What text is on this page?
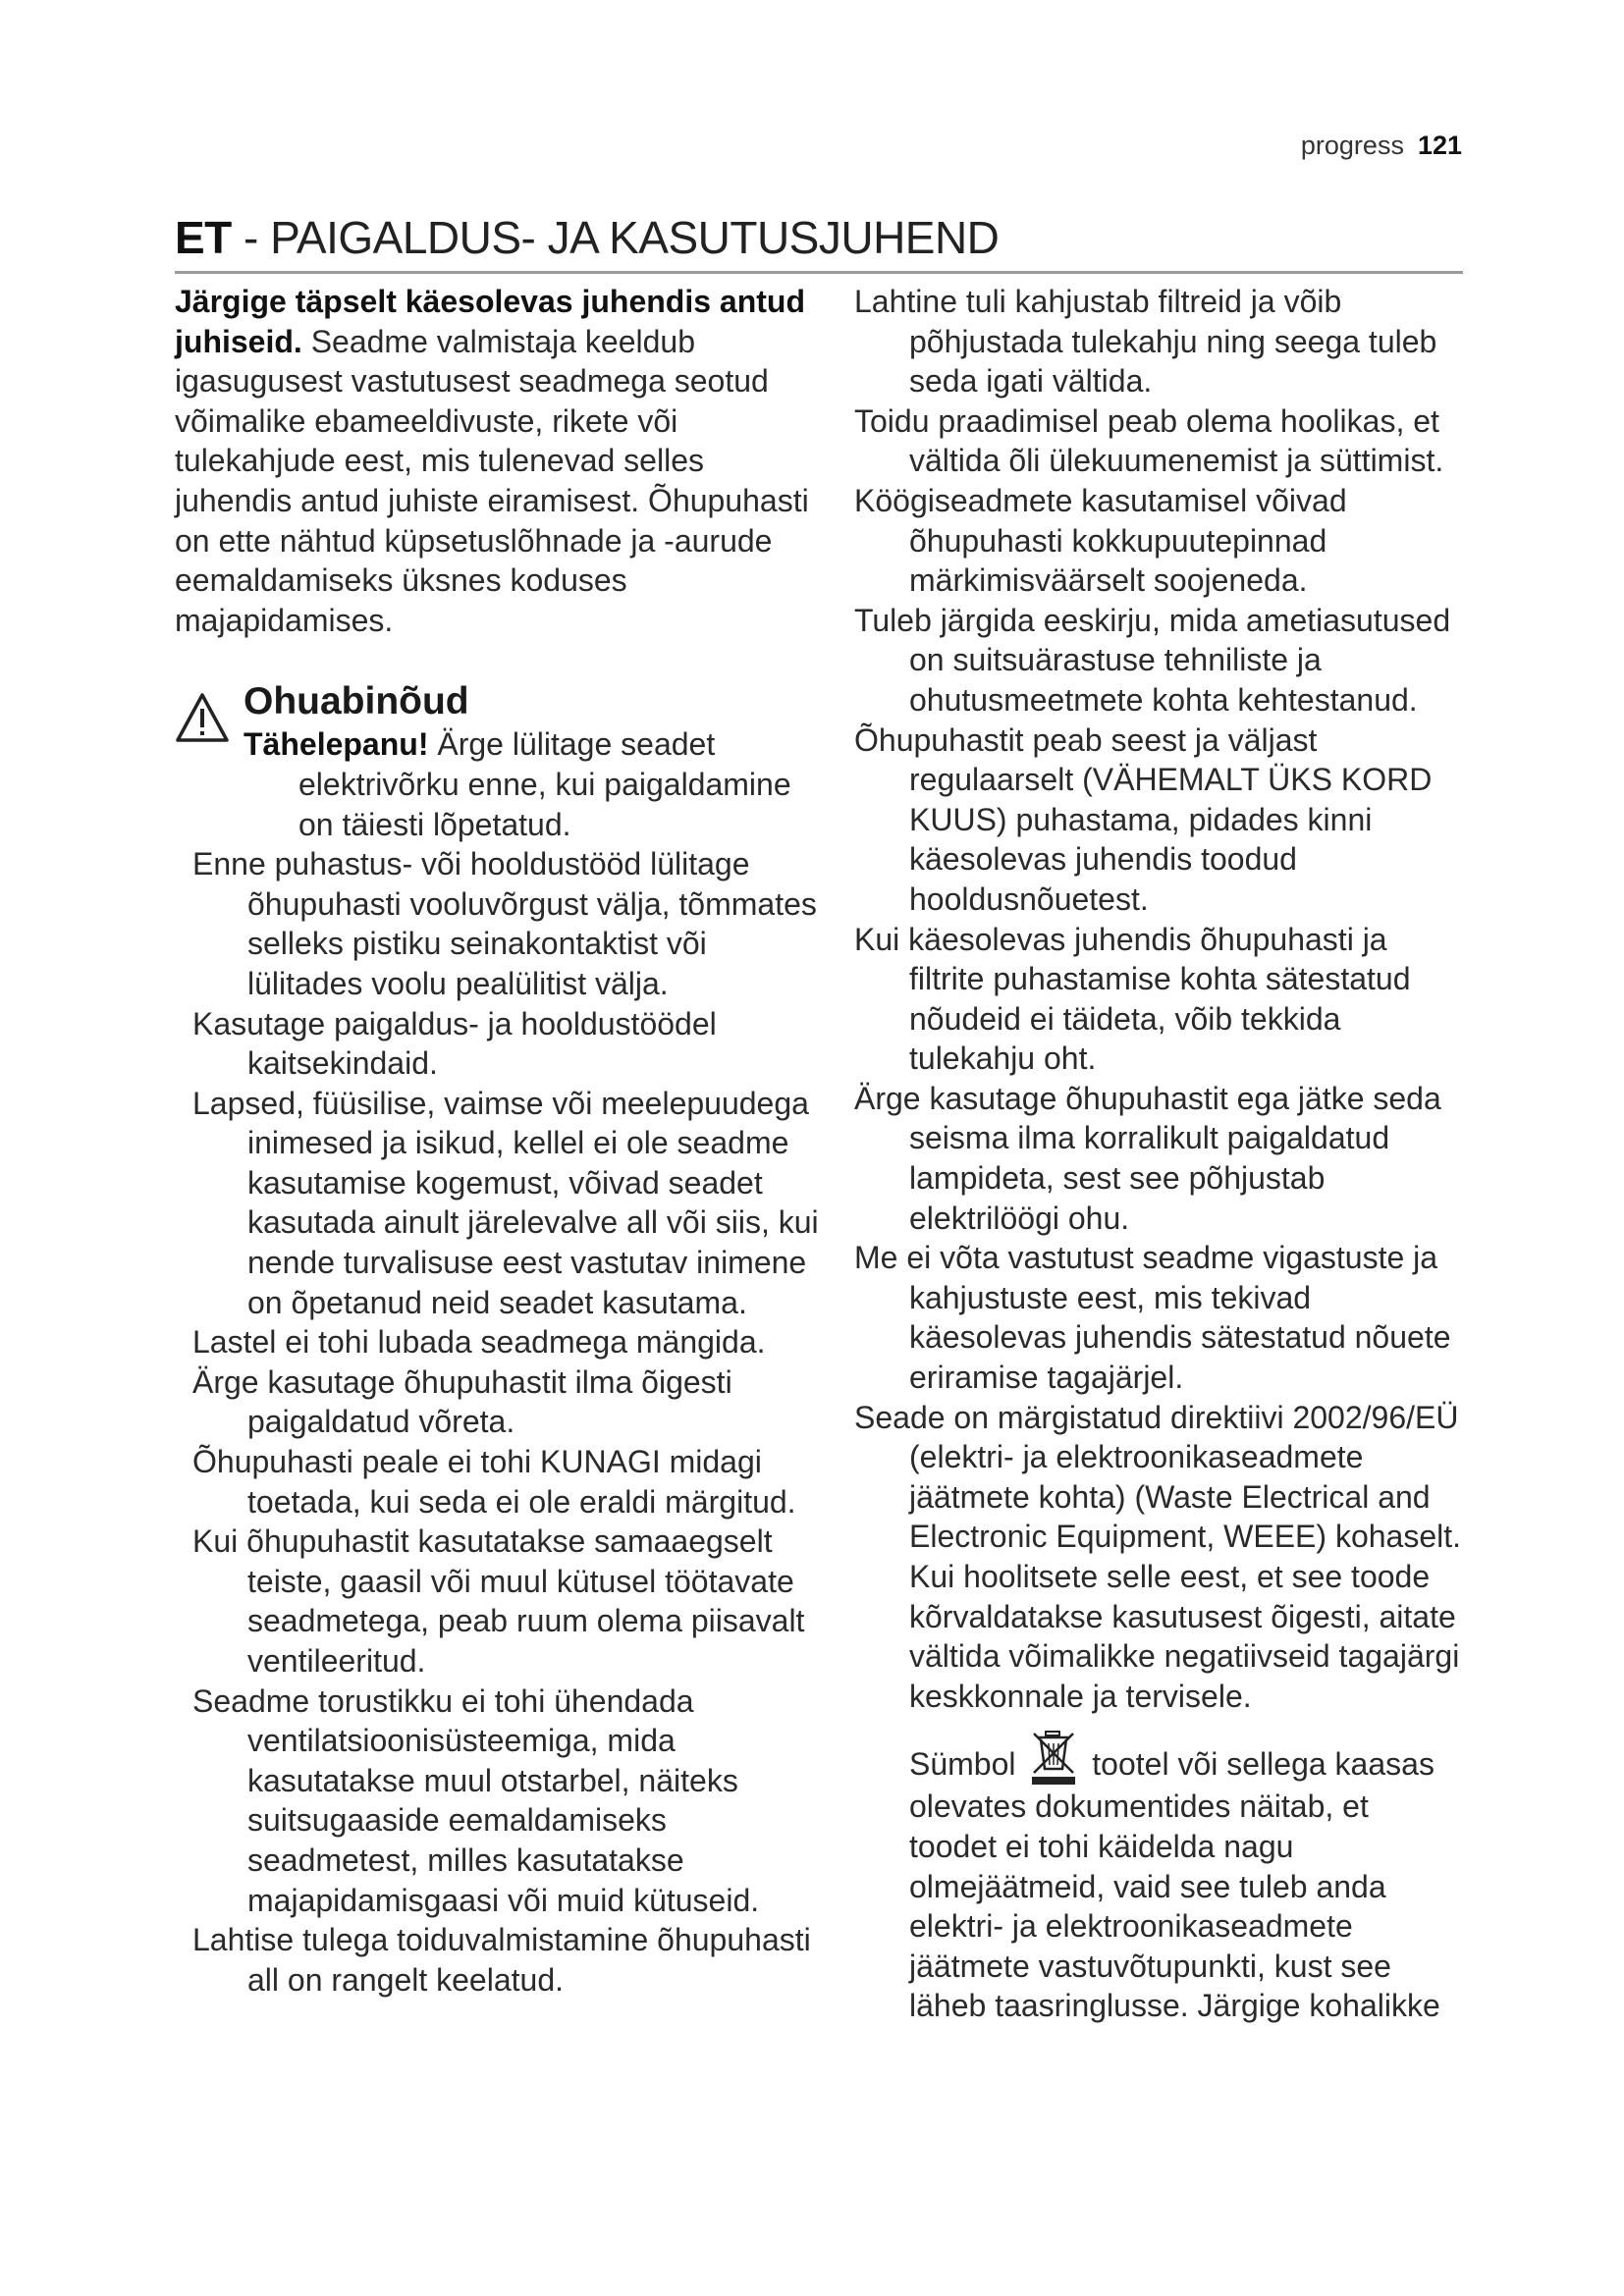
progress 121
ET - PAIGALDUS- JA KASUTUSJUHEND

Järgige täpselt käesolevas juhendis antud juhiseid. Seadme valmistaja keeldub igasugusest vastutusest seadmega seotud võimalike ebameeldivuste, rikete või tulekahjude eest, mis tulenevad selles juhendis antud juhiste eiramisest. Õhupuhasti on ette nähtud küpsetuslõhnade ja -aurude eemaldamiseks üksnes koduses majapidamises.

Ohuabinõud

Tähelepanu! Ärge lülitage seadet elektrivõrku enne, kui paigaldamine on täiesti lõpetatud.

Enne puhastus- või hooldustööd lülitage õhupuhasti vooluvõrgust välja, tõmmates selleks pistiku seinakontaktist või lülitades voolu pealülitist välja.

Kasutage paigaldus- ja hooldustöödel kaitsekindaid.

Lapsed, füüsilise, vaimse või meelepuudega inimesed ja isikud, kellel ei ole seadme kasutamise kogemust, võivad seadet kasutada ainult järelevalve all või siis, kui nende turvalisuse eest vastutav inimene on õpetanud neid seadet kasutama.

Lastel ei tohi lubada seadmega mängida.

Ärge kasutage õhupuhastit ilma õigesti paigaldatud võreta.

Õhupuhasti peale ei tohi KUNAGI midagi toetada, kui seda ei ole eraldi märgitud.

Kui õhupuhastit kasutatakse samaaegselt teiste, gaasil või muul kütusel töötavate seadmetega, peab ruum olema piisavalt ventileeritud.

Seadme torustikku ei tohi ühendada ventilatsioonisüsteemiga, mida kasutatakse muul otstarbel, näiteks suitsugaaside eemaldamiseks seadmetest, milles kasutatakse majapidamisgaasi või muid kütuseid.

Lahtise tulega toiduvalmistamine õhupuhasti all on rangelt keelatud.

Lahtine tuli kahjustab filtreid ja võib põhjustada tulekahju ning seega tuleb seda igati vältida.

Toidu praadimisel peab olema hoolikas, et vältida õli ülekuumenemist ja süttimist.

Köögiseadmete kasutamisel võivad õhupuhasti kokkupuutepinnad märkimisväärselt soojeneda.

Tuleb järgida eeskirju, mida ametiasutused on suitsuärastuse tehniliste ja ohutusmeetmete kohta kehtestanud.

Õhupuhastit peab seest ja väljast regulaarselt (VÄHEMALT ÜKS KORD KUUS) puhastama, pidades kinni käesolevas juhendis toodud hooldusnõuetest.

Kui käesolevas juhendis õhupuhasti ja filtrite puhastamise kohta sätestatud nõudeid ei täideta, võib tekkida tulekahju oht.

Ärge kasutage õhupuhastit ega jätke seda seisma ilma korralikult paigaldatud lampideta, sest see põhjustab elektrilöögi ohu.

Me ei võta vastutust seadme vigastuste ja kahjustuste eest, mis tekivad käesolevas juhendis sätestatud nõuete eriramise tagajärjel.

Seade on märgistatud direktiivi 2002/96/EÜ (elektri- ja elektroonikaseadmete jäätmete kohta) (Waste Electrical and Electronic Equipment, WEEE) kohaselt. Kui hoolitsete selle eest, et see toode kõrvaldatakse kasutusest õigesti, aitate vältida võimalikke negatiivseid tagajärgi keskkonnale ja tervisele.

Sümbol  tootel või sellega kaasas olevates dokumentides näitab, et toodet ei tohi käidelda nagu olmejäätmeid, vaid see tuleb anda elektri- ja elektroonikaseadmete jäätmete vastuvõtupunkti, kust see läheb taasringlusse. Järgige kohalikke
